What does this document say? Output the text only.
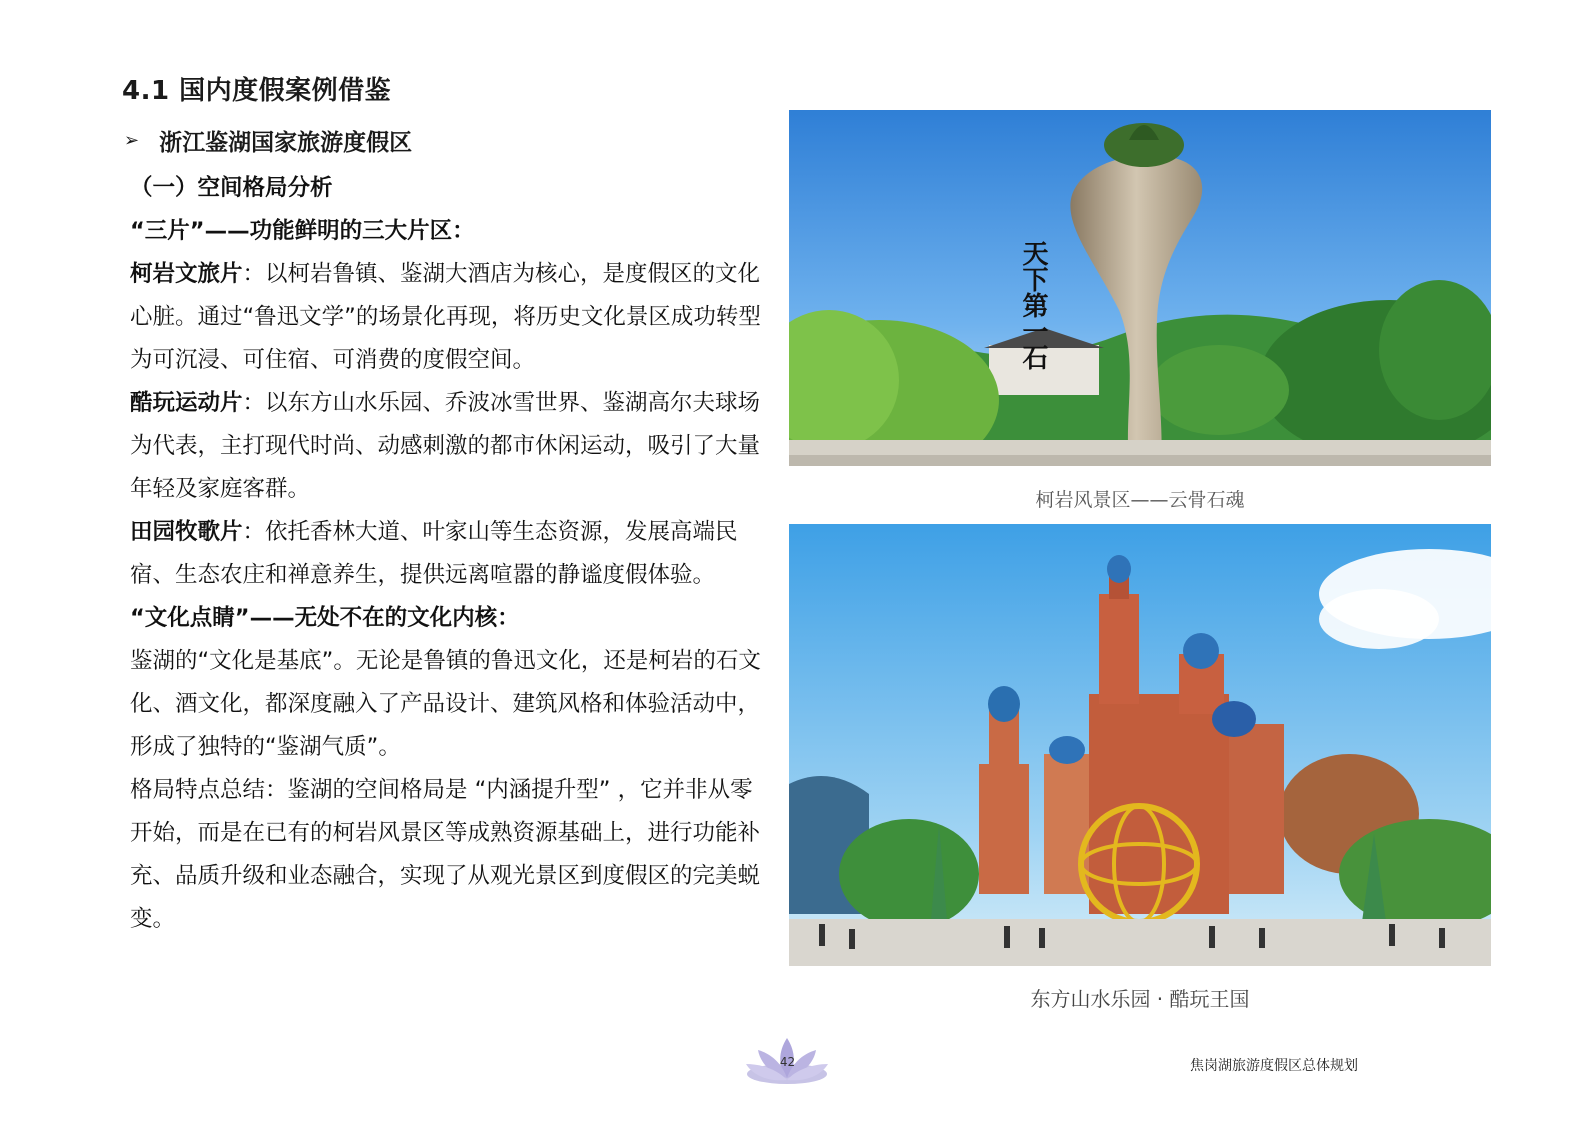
4.1 国内度假案例借鉴
➢ 浙江鉴湖国家旅游度假区

（一）空间格局分析

“三片”——功能鲜明的三大片区：

柯岩文旅片：以柯岩鲁镇、鉴湖大酒店为核心，是度假区的文化心脏。通过“鲁迅文学”的场景化再现，将历史文化景区成功转型为可沉浸、可住宿、可消费的度假空间。

酷玩运动片：以东方山水乐园、乔波冰雪世界、鉴湖高尔夫球场为代表，主打现代时尚、动感刺激的都市休闲运动，吸引了大量年轻及家庭客群。

田园牧歌片：依托香林大道、叶家山等生态资源，发展高端民宿、生态农庄和禅意养生，提供远离喧嚣的静谧度假体验。

“文化点睛”——无处不在的文化内核：

鉴湖的“文化是基底”。无论是鲁镇的鲁迅文化，还是柯岩的石文化、酒文化，都深度融入了产品设计、建筑风格和体验活动中，形成了独特的“鉴湖气质”。

格局特点总结：鉴湖的空间格局是 “内涵提升型” ，它并非从零开始，而是在已有的柯岩风景区等成熟资源基础上，进行功能补充、品质升级和业态融合，实现了从观光景区到度假区的完美蜕变。

天下第一石
柯岩风景区——云骨石魂
东方山水乐园 · 酷玩王国
42	焦岗湖旅游度假区总体规划
